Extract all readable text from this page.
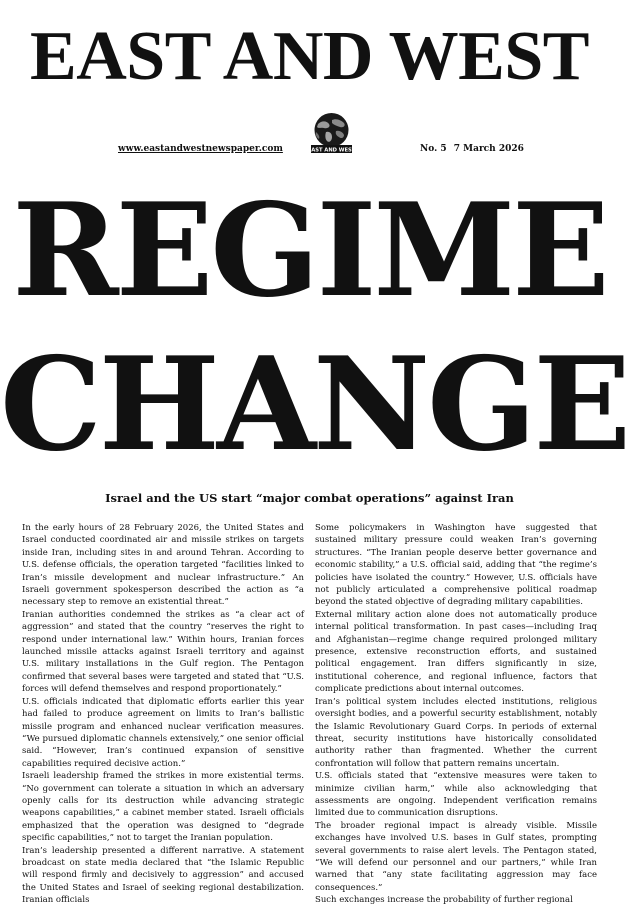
EAST AND WEST
EAST AND WEST
www.eastandwestnewspaper.com	No. 5 7 March 2026
REGIME
CHANGE
Israel and the US start “major combat operations” against Iran

In the early hours of 28 February 2026, the United States and Israel conducted coordinated air and missile strikes on targets inside Iran, including sites in and around Tehran. According to U.S. defense officials, the operation targeted “facilities linked to Iran’s missile development and nuclear infrastructure.” An Israeli government spokesperson described the action as “a necessary step to remove an existential threat.”

Iranian authorities condemned the strikes as “a clear act of aggression” and stated that the country “reserves the right to respond under international law.” Within hours, Iranian forces launched missile attacks against Israeli territory and against U.S. military installations in the Gulf region. The Pentagon confirmed that several bases were targeted and stated that “U.S. forces will defend themselves and respond proportionately.”

U.S. officials indicated that diplomatic efforts earlier this year had failed to produce agreement on limits to Iran’s ballistic missile program and enhanced nuclear verification measures. “We pursued diplomatic channels extensively,” one senior official said. “However, Iran’s continued expansion of sensitive capabilities required decisive action.”

Israeli leadership framed the strikes in more existential terms. “No government can tolerate a situation in which an adversary openly calls for its destruction while advancing strategic weapons capabilities,” a cabinet member stated. Israeli officials emphasized that the operation was designed to “degrade specific capabilities,” not to target the Iranian population.

Iran’s leadership presented a different narrative. A statement broadcast on state media declared that “the Islamic Republic will respond firmly and decisively to aggression” and accused the United States and Israel of seeking regional destabilization. Iranian officials

Some policymakers in Washington have suggested that sustained military pressure could weaken Iran’s governing structures. “The Iranian people deserve better governance and economic stability,” a U.S. official said, adding that “the regime’s policies have isolated the country.” However, U.S. officials have not publicly articulated a comprehensive political roadmap beyond the stated objective of degrading military capabilities.

External military action alone does not automatically produce internal political transformation. In past cases—including Iraq and Afghanistan—regime change required prolonged military presence, extensive reconstruction efforts, and sustained political engagement. Iran differs significantly in size, institutional coherence, and regional influence, factors that complicate predictions about internal outcomes.

Iran’s political system includes elected institutions, religious oversight bodies, and a powerful security establishment, notably the Islamic Revolutionary Guard Corps. In periods of external threat, security institutions have historically consolidated authority rather than fragmented. Whether the current confrontation will follow that pattern remains uncertain.

U.S. officials stated that “extensive measures were taken to minimize civilian harm,” while also acknowledging that assessments are ongoing. Independent verification remains limited due to communication disruptions.

The broader regional impact is already visible. Missile exchanges have involved U.S. bases in Gulf states, prompting several governments to raise alert levels. The Pentagon stated, “We will defend our personnel and our partners,” while Iran warned that “any state facilitating aggression may face consequences.”

Such exchanges increase the probability of further regional
